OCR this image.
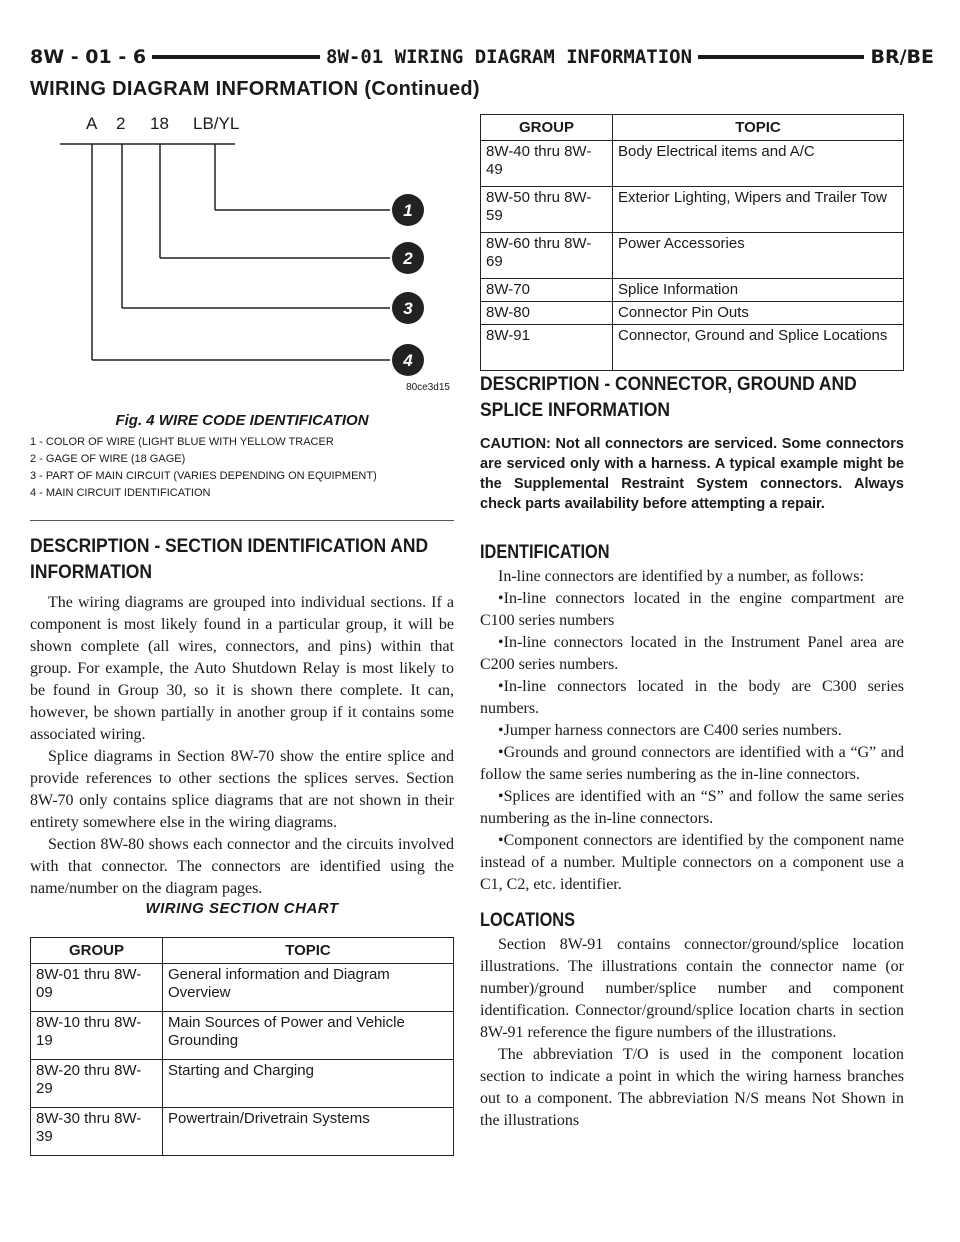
8W - 01 - 6	8W-01 WIRING DIAGRAM INFORMATION	BR/BE
WIRING DIAGRAM INFORMATION (Continued)
1
2
3
4
A 2 18 LB/YL
80ce3d15
Fig. 4 WIRE CODE IDENTIFICATION
1 - COLOR OF WIRE (LIGHT BLUE WITH YELLOW TRACER
2 - GAGE OF WIRE (18 GAGE)
3 - PART OF MAIN CIRCUIT (VARIES DEPENDING ON EQUIPMENT)
4 - MAIN CIRCUIT IDENTIFICATION
DESCRIPTION - SECTION IDENTIFICATION AND INFORMATION

The wiring diagrams are grouped into individual sections. If a component is most likely found in a particular group, it will be shown complete (all wires, connectors, and pins) within that group. For example, the Auto Shutdown Relay is most likely to be found in Group 30, so it is shown there complete. It can, however, be shown partially in another group if it contains some associated wiring.

Splice diagrams in Section 8W-70 show the entire splice and provide references to other sections the splices serves. Section 8W-70 only contains splice diagrams that are not shown in their entirety somewhere else in the wiring diagrams.

Section 8W-80 shows each connector and the circuits involved with that connector. The connectors are identified using the name/number on the diagram pages.

WIRING SECTION CHART
GROUP	TOPIC
8W-01 thru 8W-09	General information and Diagram Overview
8W-10 thru 8W-19	Main Sources of Power and Vehicle Grounding
8W-20 thru 8W-29	Starting and Charging
8W-30 thru 8W-39	Powertrain/Drivetrain Systems
GROUP	TOPIC
8W-40 thru 8W-49	Body Electrical items and A/C
8W-50 thru 8W-59	Exterior Lighting, Wipers and Trailer Tow
8W-60 thru 8W-69	Power Accessories
8W-70	Splice Information
8W-80	Connector Pin Outs
8W-91	Connector, Ground and Splice Locations
DESCRIPTION - CONNECTOR, GROUND AND SPLICE INFORMATION
CAUTION: Not all connectors are serviced. Some connectors are serviced only with a harness. A typical example might be the Supplemental Restraint System connectors. Always check parts availability before attempting a repair.
IDENTIFICATION

In-line connectors are identified by a number, as follows:

•In-line connectors located in the engine compartment are C100 series numbers

•In-line connectors located in the Instrument Panel area are C200 series numbers.

•In-line connectors located in the body are C300 series numbers.

•Jumper harness connectors are C400 series numbers.

•Grounds and ground connectors are identified with a “G” and follow the same series numbering as the in-line connectors.

•Splices are identified with an “S” and follow the same series numbering as the in-line connectors.

•Component connectors are identified by the component name instead of a number. Multiple connectors on a component use a C1, C2, etc. identifier.

LOCATIONS

Section 8W-91 contains connector/ground/splice location illustrations. The illustrations contain the connector name (or number)/ground number/splice number and component identification. Connector/ground/splice location charts in section 8W-91 reference the figure numbers of the illustrations.

The abbreviation T/O is used in the component location section to indicate a point in which the wiring harness branches out to a component. The abbreviation N/S means Not Shown in the illustrations
